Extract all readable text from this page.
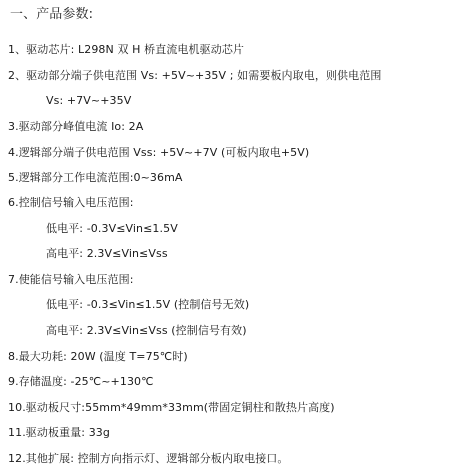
一、产品参数:
1、驱动芯片: L298N 双 H 桥直流电机驱动芯片
2、驱动部分端子供电范围 Vs: +5V~+35V ; 如需要板内取电，则供电范围
Vs: +7V~+35V
3.驱动部分峰值电流 Io: 2A
4.逻辑部分端子供电范围 Vss: +5V~+7V (可板内取电+5V)
5.逻辑部分工作电流范围:0~36mA
6.控制信号输入电压范围:
低电平: -0.3V≤Vin≤1.5V
高电平: 2.3V≤Vin≤Vss
7.使能信号输入电压范围:
低电平: -0.3≤Vin≤1.5V (控制信号无效)
高电平: 2.3V≤Vin≤Vss (控制信号有效)
8.最大功耗: 20W (温度 T=75℃时)
9.存储温度: -25℃~+130℃
10.驱动板尺寸:55mm*49mm*33mm(带固定铜柱和散热片高度)
11.驱动板重量: 33g
12.其他扩展: 控制方向指示灯、逻辑部分板内取电接口。
